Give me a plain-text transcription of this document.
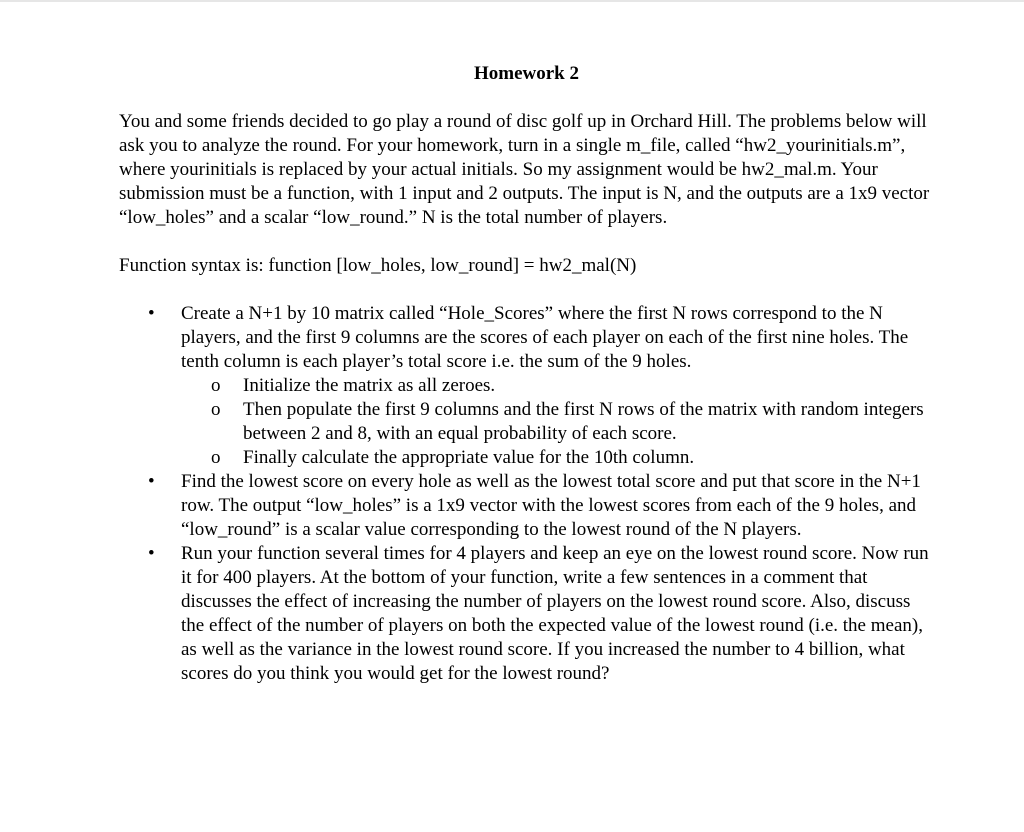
Homework 2

You and some friends decided to go play a round of disc golf up in Orchard Hill. The problems below will ask you to analyze the round. For your homework, turn in a single m_file, called “hw2_yourinitials.m”, where yourinitials is replaced by your actual initials. So my assignment would be hw2_mal.m. Your submission must be a function, with 1 input and 2 outputs. The input is N, and the outputs are a 1x9 vector “low_holes” and a scalar “low_round.” N is the total number of players.

Function syntax is: function [low_holes, low_round] = hw2_mal(N)

• Create a N+1 by 10 matrix called “Hole_Scores” where the first N rows correspond to the N players, and the first 9 columns are the scores of each player on each of the first nine holes. The tenth column is each player’s total score i.e. the sum of the 9 holes.
o Initialize the matrix as all zeroes.
o Then populate the first 9 columns and the first N rows of the matrix with random integers between 2 and 8, with an equal probability of each score.
o Finally calculate the appropriate value for the 10th column.
• Find the lowest score on every hole as well as the lowest total score and put that score in the N+1 row. The output “low_holes” is a 1x9 vector with the lowest scores from each of the 9 holes, and “low_round” is a scalar value corresponding to the lowest round of the N players.
• Run your function several times for 4 players and keep an eye on the lowest round score. Now run it for 400 players. At the bottom of your function, write a few sentences in a comment that discusses the effect of increasing the number of players on the lowest round score. Also, discuss the effect of the number of players on both the expected value of the lowest round (i.e. the mean), as well as the variance in the lowest round score. If you increased the number to 4 billion, what scores do you think you would get for the lowest round?
